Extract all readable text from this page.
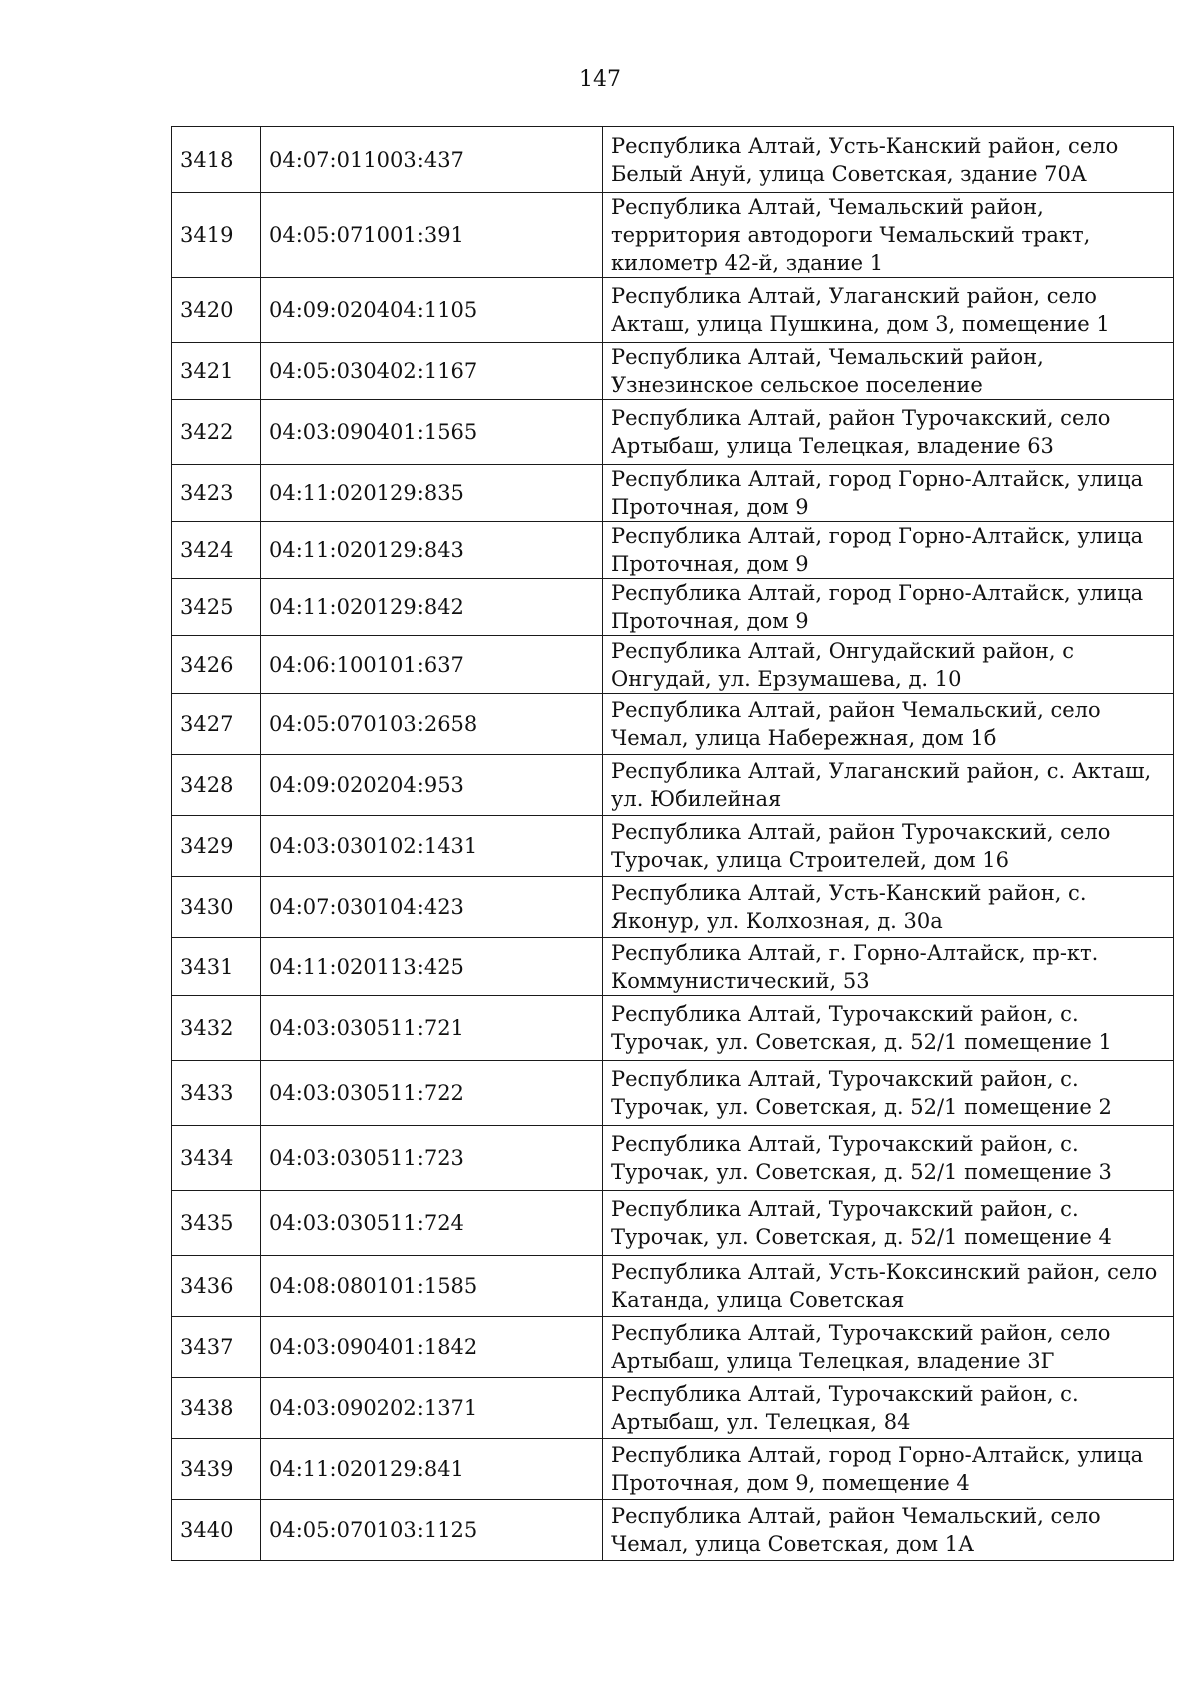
147
3418	04:07:011003:437	Республика Алтай, Усть-Канский район, село Белый Ануй, улица Советская, здание 70А
3419	04:05:071001:391	Республика Алтай, Чемальский район, территория автодороги Чемальский тракт, километр 42-й, здание 1
3420	04:09:020404:1105	Республика Алтай, Улаганский район, село Акташ, улица Пушкина, дом 3, помещение 1
3421	04:05:030402:1167	Республика Алтай, Чемальский район, Узнезинское сельское поселение
3422	04:03:090401:1565	Республика Алтай, район Турочакский, село Артыбаш, улица Телецкая, владение 63
3423	04:11:020129:835	Республика Алтай, город Горно-Алтайск, улица Проточная, дом 9
3424	04:11:020129:843	Республика Алтай, город Горно-Алтайск, улица Проточная, дом 9
3425	04:11:020129:842	Республика Алтай, город Горно-Алтайск, улица Проточная, дом 9
3426	04:06:100101:637	Республика Алтай, Онгудайский район, с Онгудай, ул. Ерзумашева, д. 10
3427	04:05:070103:2658	Республика Алтай, район Чемальский, село Чемал, улица Набережная, дом 1б
3428	04:09:020204:953	Республика Алтай, Улаганский район, с. Акташ, ул. Юбилейная
3429	04:03:030102:1431	Республика Алтай, район Турочакский, село Турочак, улица Строителей, дом 16
3430	04:07:030104:423	Республика Алтай, Усть-Канский район, с. Яконур, ул. Колхозная, д. 30а
3431	04:11:020113:425	Республика Алтай, г. Горно-Алтайск, пр-кт. Коммунистический, 53
3432	04:03:030511:721	Республика Алтай, Турочакский район, с. Турочак, ул. Советская, д. 52/1 помещение 1
3433	04:03:030511:722	Республика Алтай, Турочакский район, с. Турочак, ул. Советская, д. 52/1 помещение 2
3434	04:03:030511:723	Республика Алтай, Турочакский район, с. Турочак, ул. Советская, д. 52/1 помещение 3
3435	04:03:030511:724	Республика Алтай, Турочакский район, с. Турочак, ул. Советская, д. 52/1 помещение 4
3436	04:08:080101:1585	Республика Алтай, Усть-Коксинский район, село Катанда, улица Советская
3437	04:03:090401:1842	Республика Алтай, Турочакский район, село Артыбаш, улица Телецкая, владение 3Г
3438	04:03:090202:1371	Республика Алтай, Турочакский район, с. Артыбаш, ул. Телецкая, 84
3439	04:11:020129:841	Республика Алтай, город Горно-Алтайск, улица Проточная, дом 9, помещение 4
3440	04:05:070103:1125	Республика Алтай, район Чемальский, село Чемал, улица Советская, дом 1А
